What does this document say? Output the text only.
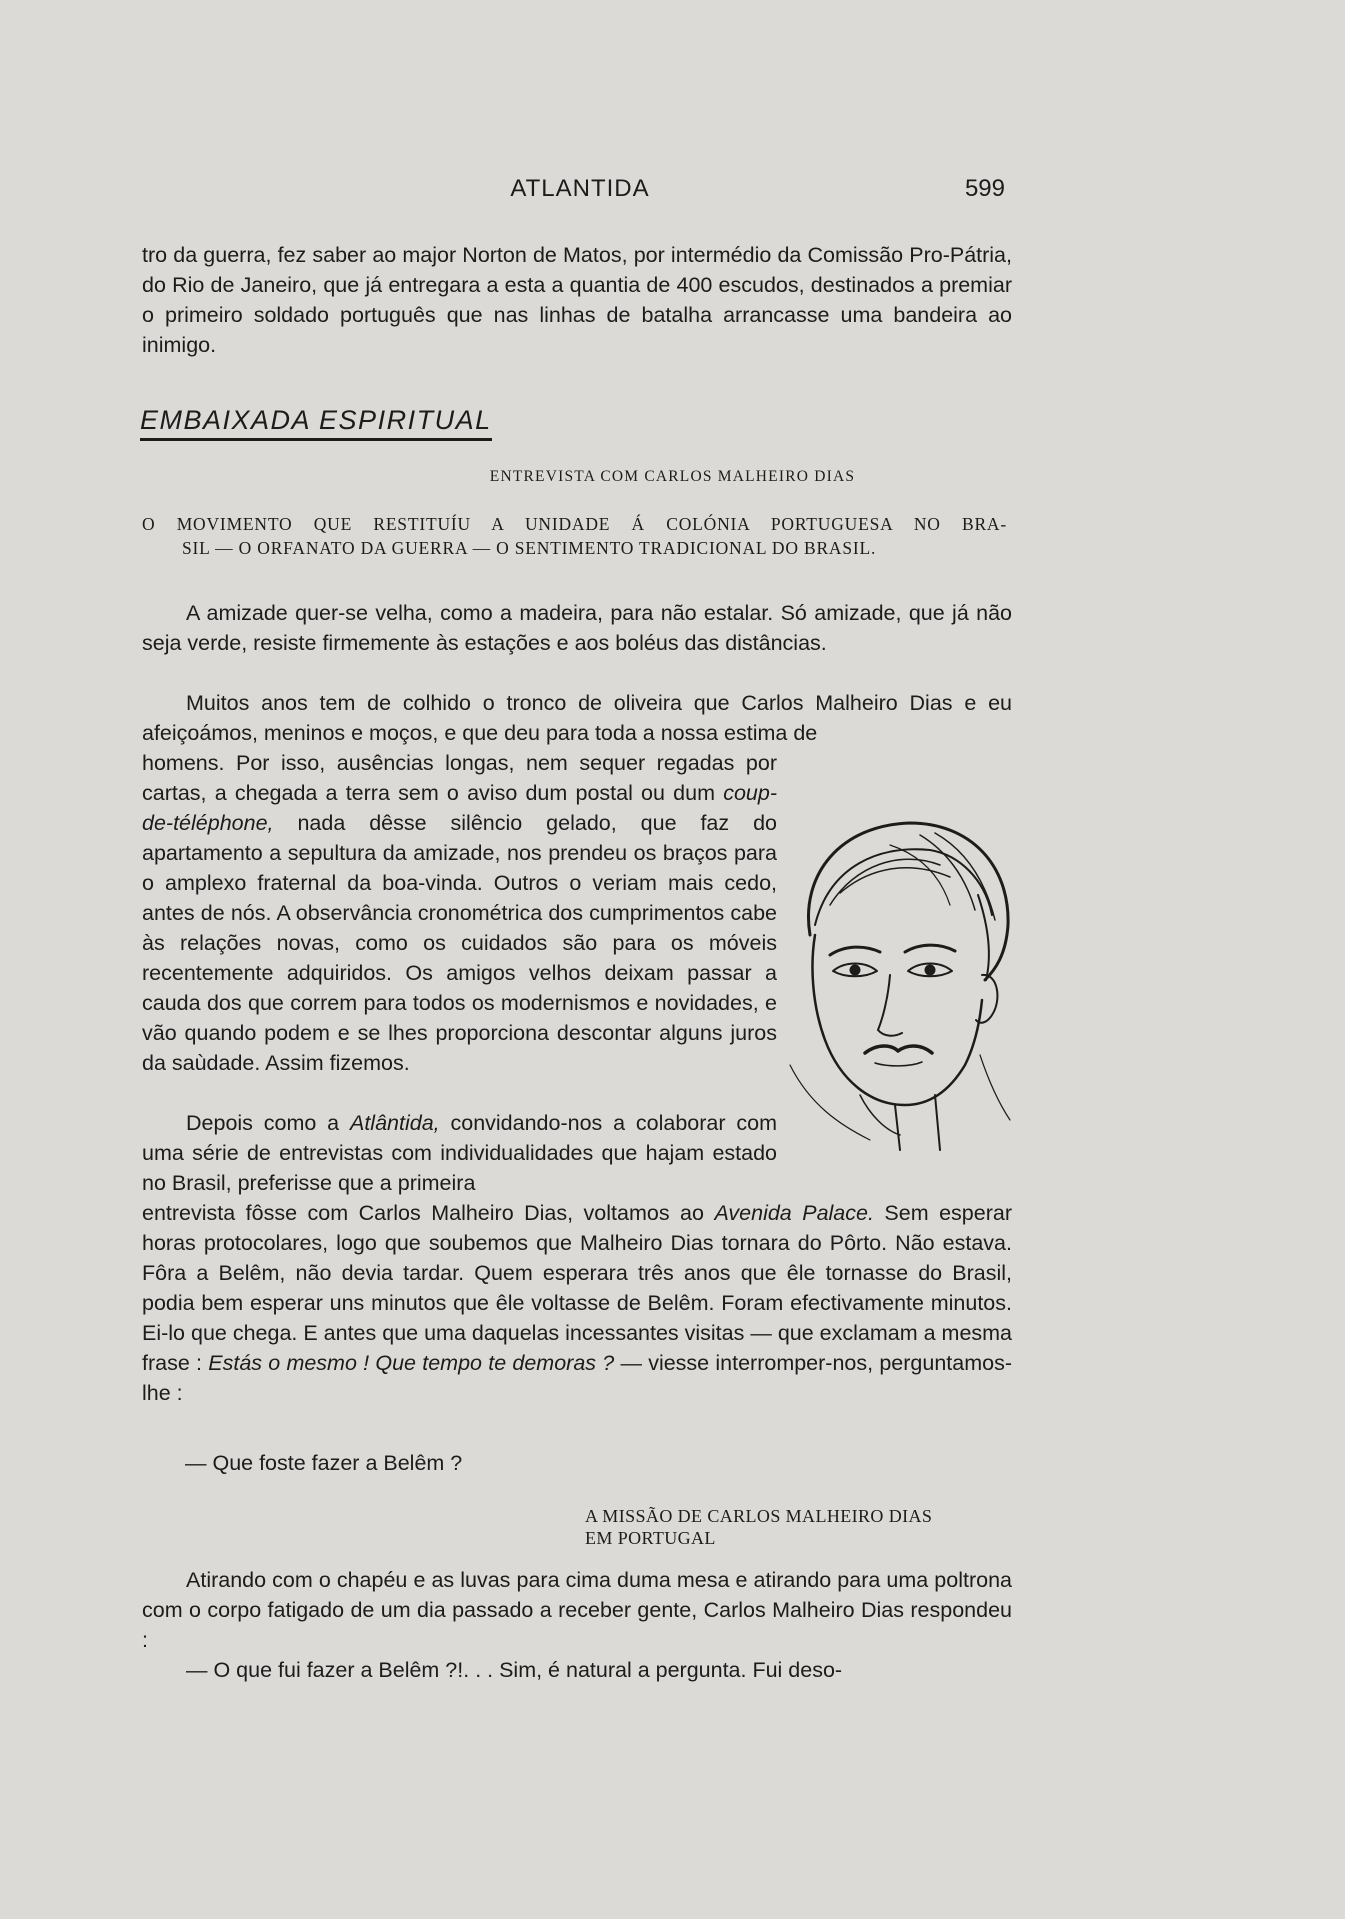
ATLANTIDA	599

tro da guerra, fez saber ao major Norton de Matos, por intermédio da Comissão Pro-Pátria, do Rio de Janeiro, que já entregara a esta a quantia de 400 escudos, destinados a premiar o primeiro soldado português que nas linhas de batalha arrancasse uma bandeira ao inimigo.

EMBAIXADA ESPIRITUAL
ENTREVISTA COM CARLOS MALHEIRO DIAS

O MOVIMENTO QUE RESTITUÍU A UNIDADE Á COLÓNIA PORTUGUESA NO BRA-
SIL — O ORFANATO DA GUERRA — O SENTIMENTO TRADICIONAL DO BRASIL.

A amizade quer-se velha, como a madeira, para não estalar. Só amizade, que já não seja verde, resiste firmemente às estações e aos boléus das distâncias.

Muitos anos tem de colhido o tronco de oliveira que Carlos Malheiro Dias e eu afeiçoámos, meninos e moços, e que deu para toda a nossa estima de

homens. Por isso, ausências longas, nem sequer regadas por cartas, a chegada a terra sem o aviso dum postal ou dum coup-de-téléphone, nada dêsse silêncio gelado, que faz do apartamento a sepultura da amizade, nos prendeu os braços para o amplexo fraternal da boa-vinda. Outros o veriam mais cedo, antes de nós. A observância cronométrica dos cumprimentos cabe às relações novas, como os cuidados são para os móveis recentemente adquiridos. Os amigos velhos deixam passar a cauda dos que correm para todos os modernismos e novidades, e vão quando podem e se lhes proporciona descontar alguns juros da saùdade. Assim fizemos.

Depois como a Atlântida, convidando-nos a colaborar com uma série de entrevistas com individualidades que hajam estado no Brasil, preferisse que a primeira

entrevista fôsse com Carlos Malheiro Dias, voltamos ao Avenida Palace. Sem esperar horas protocolares, logo que soubemos que Malheiro Dias tornara do Pôrto. Não estava. Fôra a Belêm, não devia tardar. Quem esperara três anos que êle tornasse do Brasil, podia bem esperar uns minutos que êle voltasse de Belêm. Foram efectivamente minutos. Ei-lo que chega. E antes que uma daquelas incessantes visitas — que exclamam a mesma frase : Estás o mesmo ! Que tempo te demoras ? — viesse interromper-nos, perguntamos-lhe :

— Que foste fazer a Belêm ?

A MISSÃO DE CARLOS MALHEIRO DIAS
EM PORTUGAL

Atirando com o chapéu e as luvas para cima duma mesa e atirando para uma poltrona com o corpo fatigado de um dia passado a receber gente, Carlos Malheiro Dias respondeu :

— O que fui fazer a Belêm ?!. . . Sim, é natural a pergunta. Fui deso-
